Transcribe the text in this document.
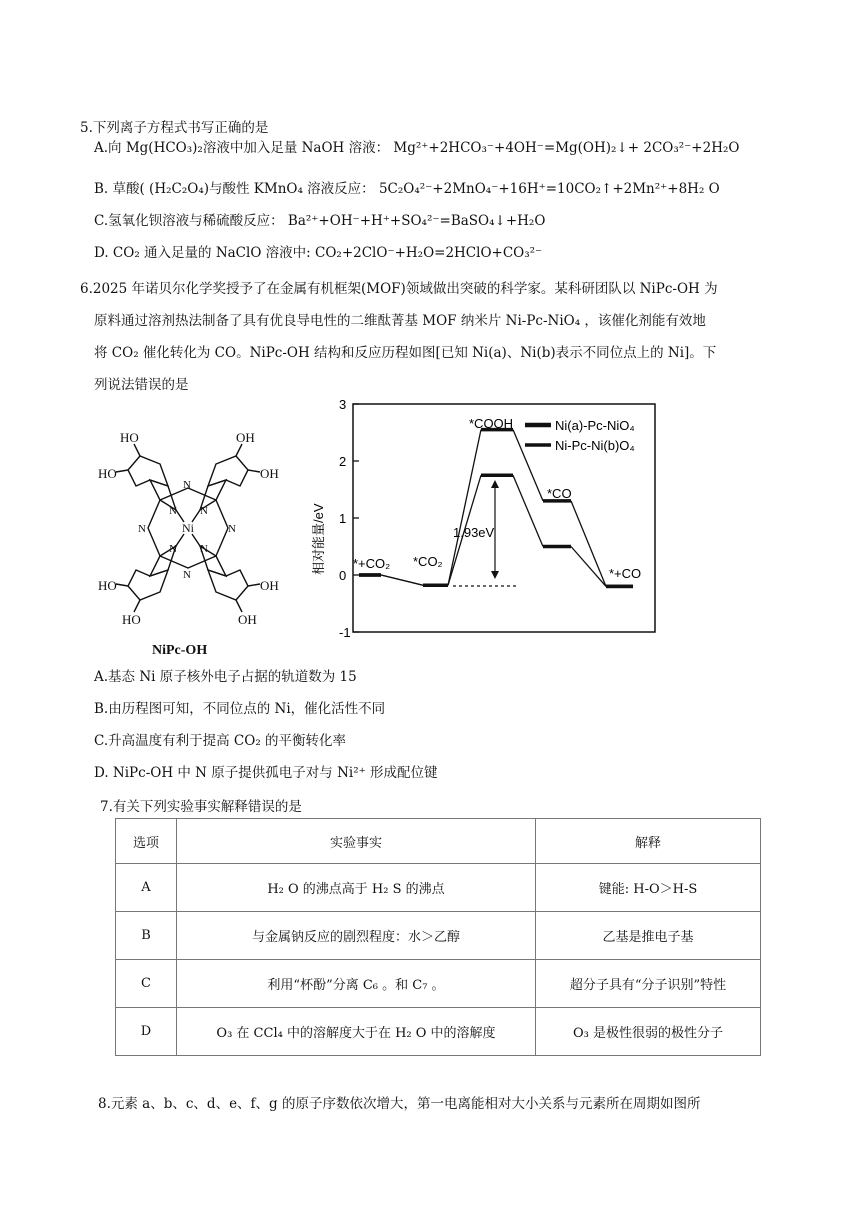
5.下列离子方程式书写正确的是
A.向 Mg(HCO₃)₂溶液中加入足量 NaOH 溶液： Mg²⁺+2HCO₃⁻+4OH⁻=Mg(OH)₂↓+ 2CO₃²⁻+2H₂O
B. 草酸( (H₂C₂O₄)与酸性 KMnO₄ 溶液反应： 5C₂O₄²⁻+2MnO₄⁻+16H⁺=10CO₂↑+2Mn²⁺+8H₂ O
C.氢氧化钡溶液与稀硫酸反应： Ba²⁺+OH⁻+H⁺+SO₄²⁻=BaSO₄↓+H₂O
D. CO₂ 通入足量的 NaClO 溶液中: CO₂+2ClO⁻+H₂O=2HClO+CO₃²⁻
6.2025 年诺贝尔化学奖授予了在金属有机框架(MOF)领域做出突破的科学家。某科研团队以 NiPc-OH 为
原料通过溶剂热法制备了具有优良导电性的二维酞菁基 MOF 纳米片 Ni-Pc-NiO₄ ，该催化剂能有效地
将 CO₂ 催化转化为 CO。NiPc-OH 结构和反应历程如图[已知 Ni(a)、Ni(b)表示不同位点上的 Ni]。下
列说法错误的是
HO
HO
OH
OH
HO
HO
OH
OH
Ni
N N
N N
N
N
N	N
NiPc-OH
3
2
1
0
-1
相对能量/eV *+CO₂ *CO₂
*COOH
*CO
*+CO
Ni(a)-Pc-NiO₄
Ni-Pc-Ni(b)O₄
1.93eV
A.基态 Ni 原子核外电子占据的轨道数为 15
B.由历程图可知，不同位点的 Ni，催化活性不同
C.升高温度有利于提高 CO₂ 的平衡转化率
D. NiPc-OH 中 N 原子提供孤电子对与 Ni²⁺ 形成配位键
7.有关下列实验事实解释错误的是
选项	实验事实	解释
A	H₂ O 的沸点高于 H₂ S 的沸点	键能: H-O＞H-S
B	与金属钠反应的剧烈程度：水＞乙醇	乙基是推电子基
C	利用“杯酚”分离 C₆ 。和 C₇ 。	超分子具有“分子识别”特性
D	O₃ 在 CCl₄ 中的溶解度大于在 H₂ O 中的溶解度	O₃ 是极性很弱的极性分子
8.元素 a、b、c、d、e、f、g 的原子序数依次增大，第一电离能相对大小关系与元素所在周期如图所
